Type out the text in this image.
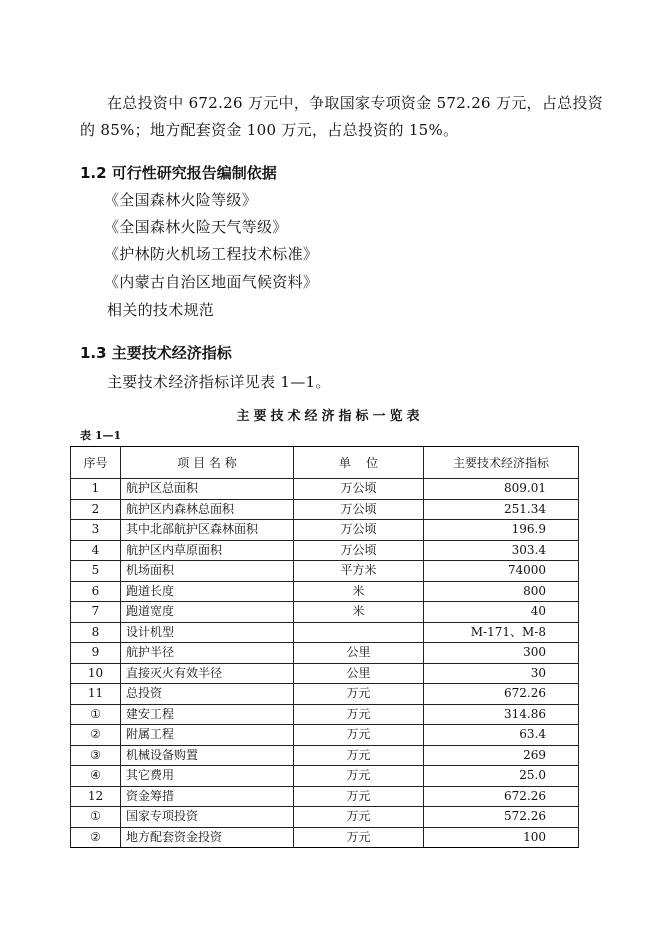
在总投资中 672.26 万元中，争取国家专项资金 572.26 万元，占总投资
的 85%；地方配套资金 100 万元，占总投资的 15%。
1.2 可行性研究报告编制依据
《全国森林火险等级》
《全国森林火险天气等级》
《护林防火机场工程技术标准》
《内蒙古自治区地面气候资料》
相关的技术规范
1.3 主要技术经济指标
主要技术经济指标详见表 1—1。
主要技术经济指标一览表
表 1—1
序号	项 目 名 称	单    位	主要技术经济指标
1	航护区总面积	万公顷	809.01
2	航护区内森林总面积	万公顷	251.34
3	其中北部航护区森林面积	万公顷	196.9
4	航护区内草原面积	万公顷	303.4
5	机场面积	平方米	74000
6	跑道长度	米	800
7	跑道宽度	米	40
8	设计机型		M-171、M-8
9	航护半径	公里	300
10	直接灭火有效半径	公里	30
11	总投资	万元	672.26
①	建安工程	万元	314.86
②	附属工程	万元	63.4
③	机械设备购置	万元	269
④	其它费用	万元	25.0
12	资金筹措	万元	672.26
①	国家专项投资	万元	572.26
②	地方配套资金投资	万元	100
